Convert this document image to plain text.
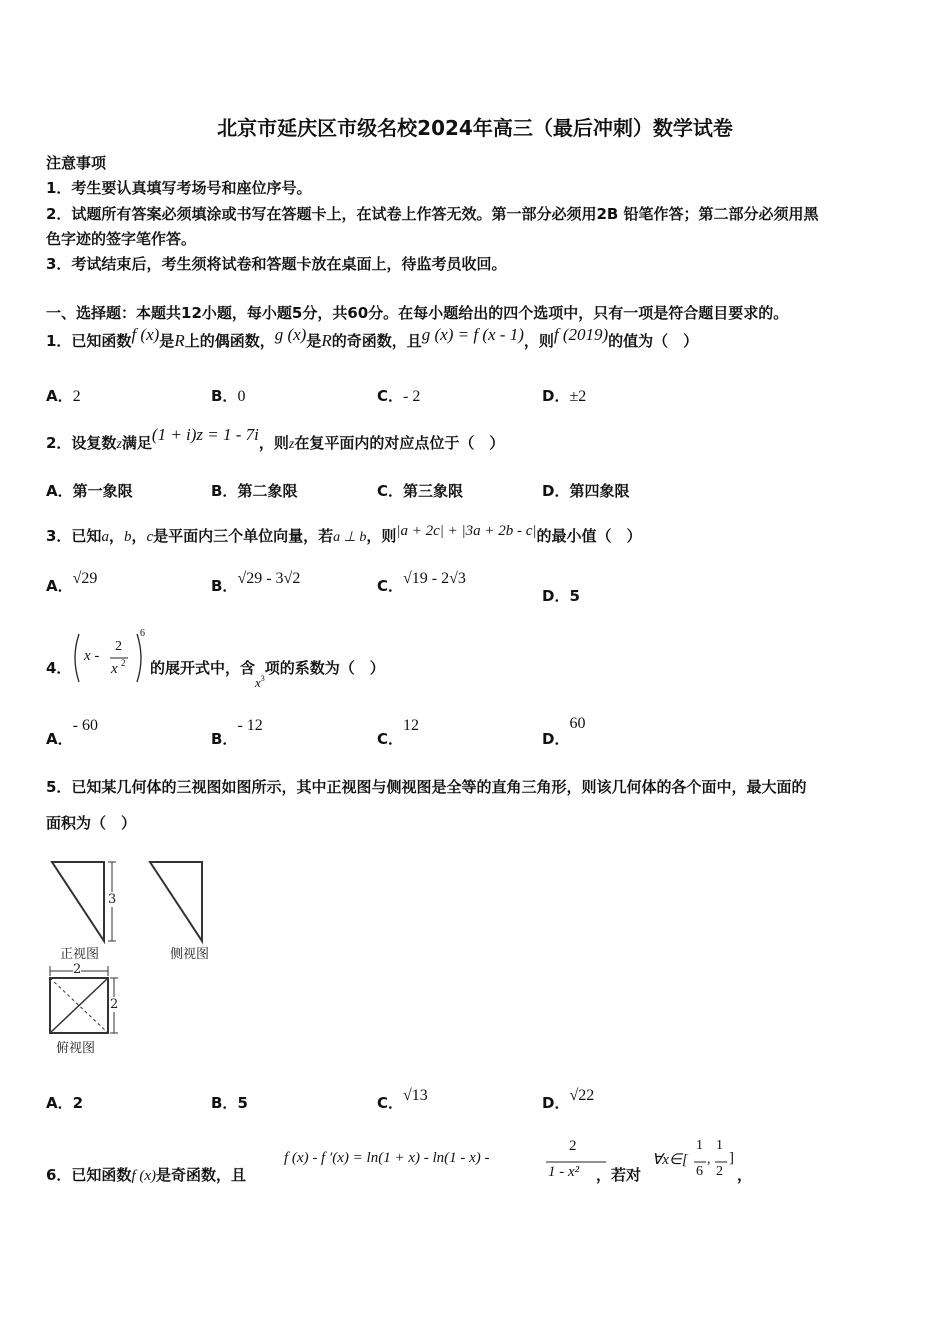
北京市延庆区市级名校2024年高三（最后冲刺）数学试卷
注意事项
1．考生要认真填写考场号和座位序号。
2．试题所有答案必须填涂或书写在答题卡上，在试卷上作答无效。第一部分必须用2B 铅笔作答；第二部分必须用黑
色字迹的签字笔作答。
3．考试结束后，考生须将试卷和答题卡放在桌面上，待监考员收回。
一、选择题：本题共12小题，每小题5分，共60分。在每小题给出的四个选项中，只有一项是符合题目要求的。
1．已知函数f (x)是R上的偶函数，g (x)是R的奇函数，且g (x) = f (x - 1)，则f (2019)的值为（　）
A．2	B．0	C．- 2	D．±2
2．设复数z满足(1 + i)z = 1 - 7i，则z在复平面内的对应点位于（　）
A．第一象限	B．第二象限	C．第三象限	D．第四象限
3．已知a，b，c是平面内三个单位向量，若a ⊥ b，则|a + 2c| + |3a + 2b - c|的最小值（　）
A．√29	B．√29 - 3√2	C．√19 - 2√3
D．5
4．
x -
2
x 2
6
的展开式中，含$_{x3}$项的系数为（　）
A．- 60
B．- 12
C．12
D．60
5．已知某几何体的三视图如图所示，其中正视图与侧视图是全等的直角三角形，则该几何体的各个面中，最大面的
面积为（　）
3
2
2
正视图	侧视图
俯视图
A．2	B．5	C．√13	D．√22
6．已知函数f (x)是奇函数，且
f (x) - f ′(x) = ln(1 + x) - ln(1 - x) -
2
1 - x² ，若对
∀x∈[
1
6
,
1
2
]
，
